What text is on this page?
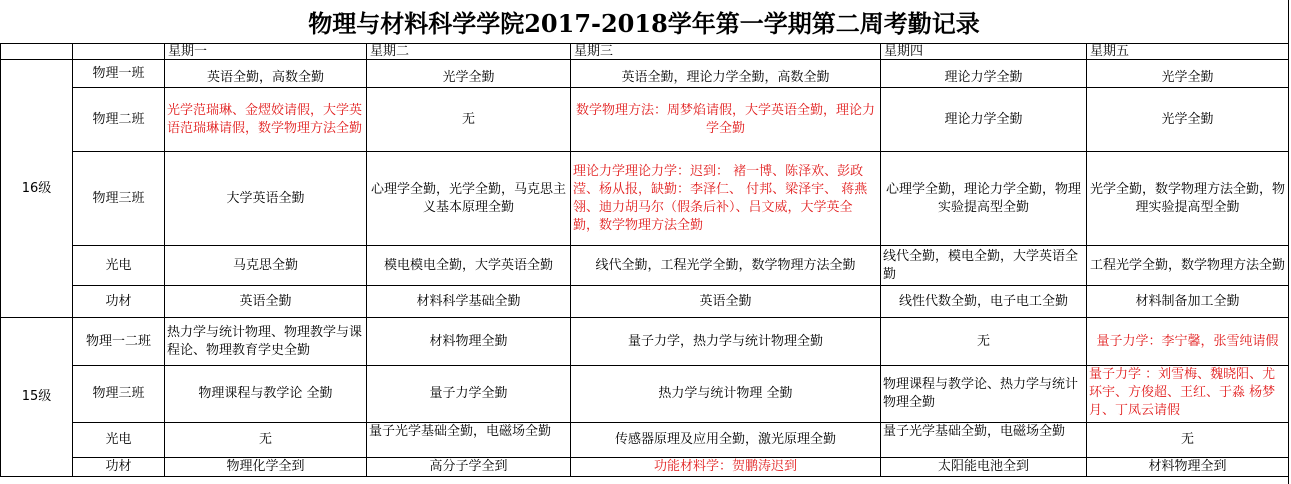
物理与材料科学学院2017-2018学年第一学期第二周考勤记录
		星期一	星期二	星期三	星期四	星期五
16级	物理一班	英语全勤，高数全勤	光学全勤	英语全勤，理论力学全勤，高数全勤	理论力学全勤	光学全勤
	物理二班	光学范瑞琳、金熤姣请假，大学英语范瑞琳请假，数学物理方法全勤	无	数学物理方法：周梦焰请假，大学英语全勤，理论力学全勤	理论力学全勤	光学全勤
	物理三班	大学英语全勤	心理学全勤，光学全勤，马克思主义基本原理全勤	理论力学理论力学：迟到： 褚一博、陈泽欢、彭政滢、杨从报，缺勤：李泽仁、 付邦、梁泽宇、 蒋燕翎、迪力胡马尔（假条后补）、吕文威，大学英全勤，数学物理方法全勤	心理学全勤，理论力学全勤，物理实验提高型全勤	光学全勤，数学物理方法全勤，物理实验提高型全勤
	光电	马克思全勤	模电模电全勤，大学英语全勤	线代全勤，工程光学全勤，数学物理方法全勤	线代全勤，模电全勤，大学英语全勤	工程光学全勤，数学物理方法全勤
	功材	英语全勤	材料科学基础全勤	英语全勤	线性代数全勤，电子电工全勤	材料制备加工全勤
15级	物理一二班	热力学与统计物理、物理教学与课程论、物理教育学史全勤	材料物理全勤	量子力学，热力学与统计物理全勤	无	量子力学：李宁馨，张雪纯请假
	物理三班	物理课程与教学论 全勤	量子力学全勤	热力学与统计物理 全勤	物理课程与教学论、热力学与统计物理全勤	量子力学 ：刘雪梅、魏晓阳、尤环宇、方俊超、王红、于淼 杨梦月、丁凤云请假
	光电	无	量子光学基础全勤，电磁场全勤	传感器原理及应用全勤，激光原理全勤	量子光学基础全勤，电磁场全勤	无
	功材	物理化学全到	高分子学全到	功能材料学：贺鹏涛迟到	太阳能电池全到	材料物理全到
